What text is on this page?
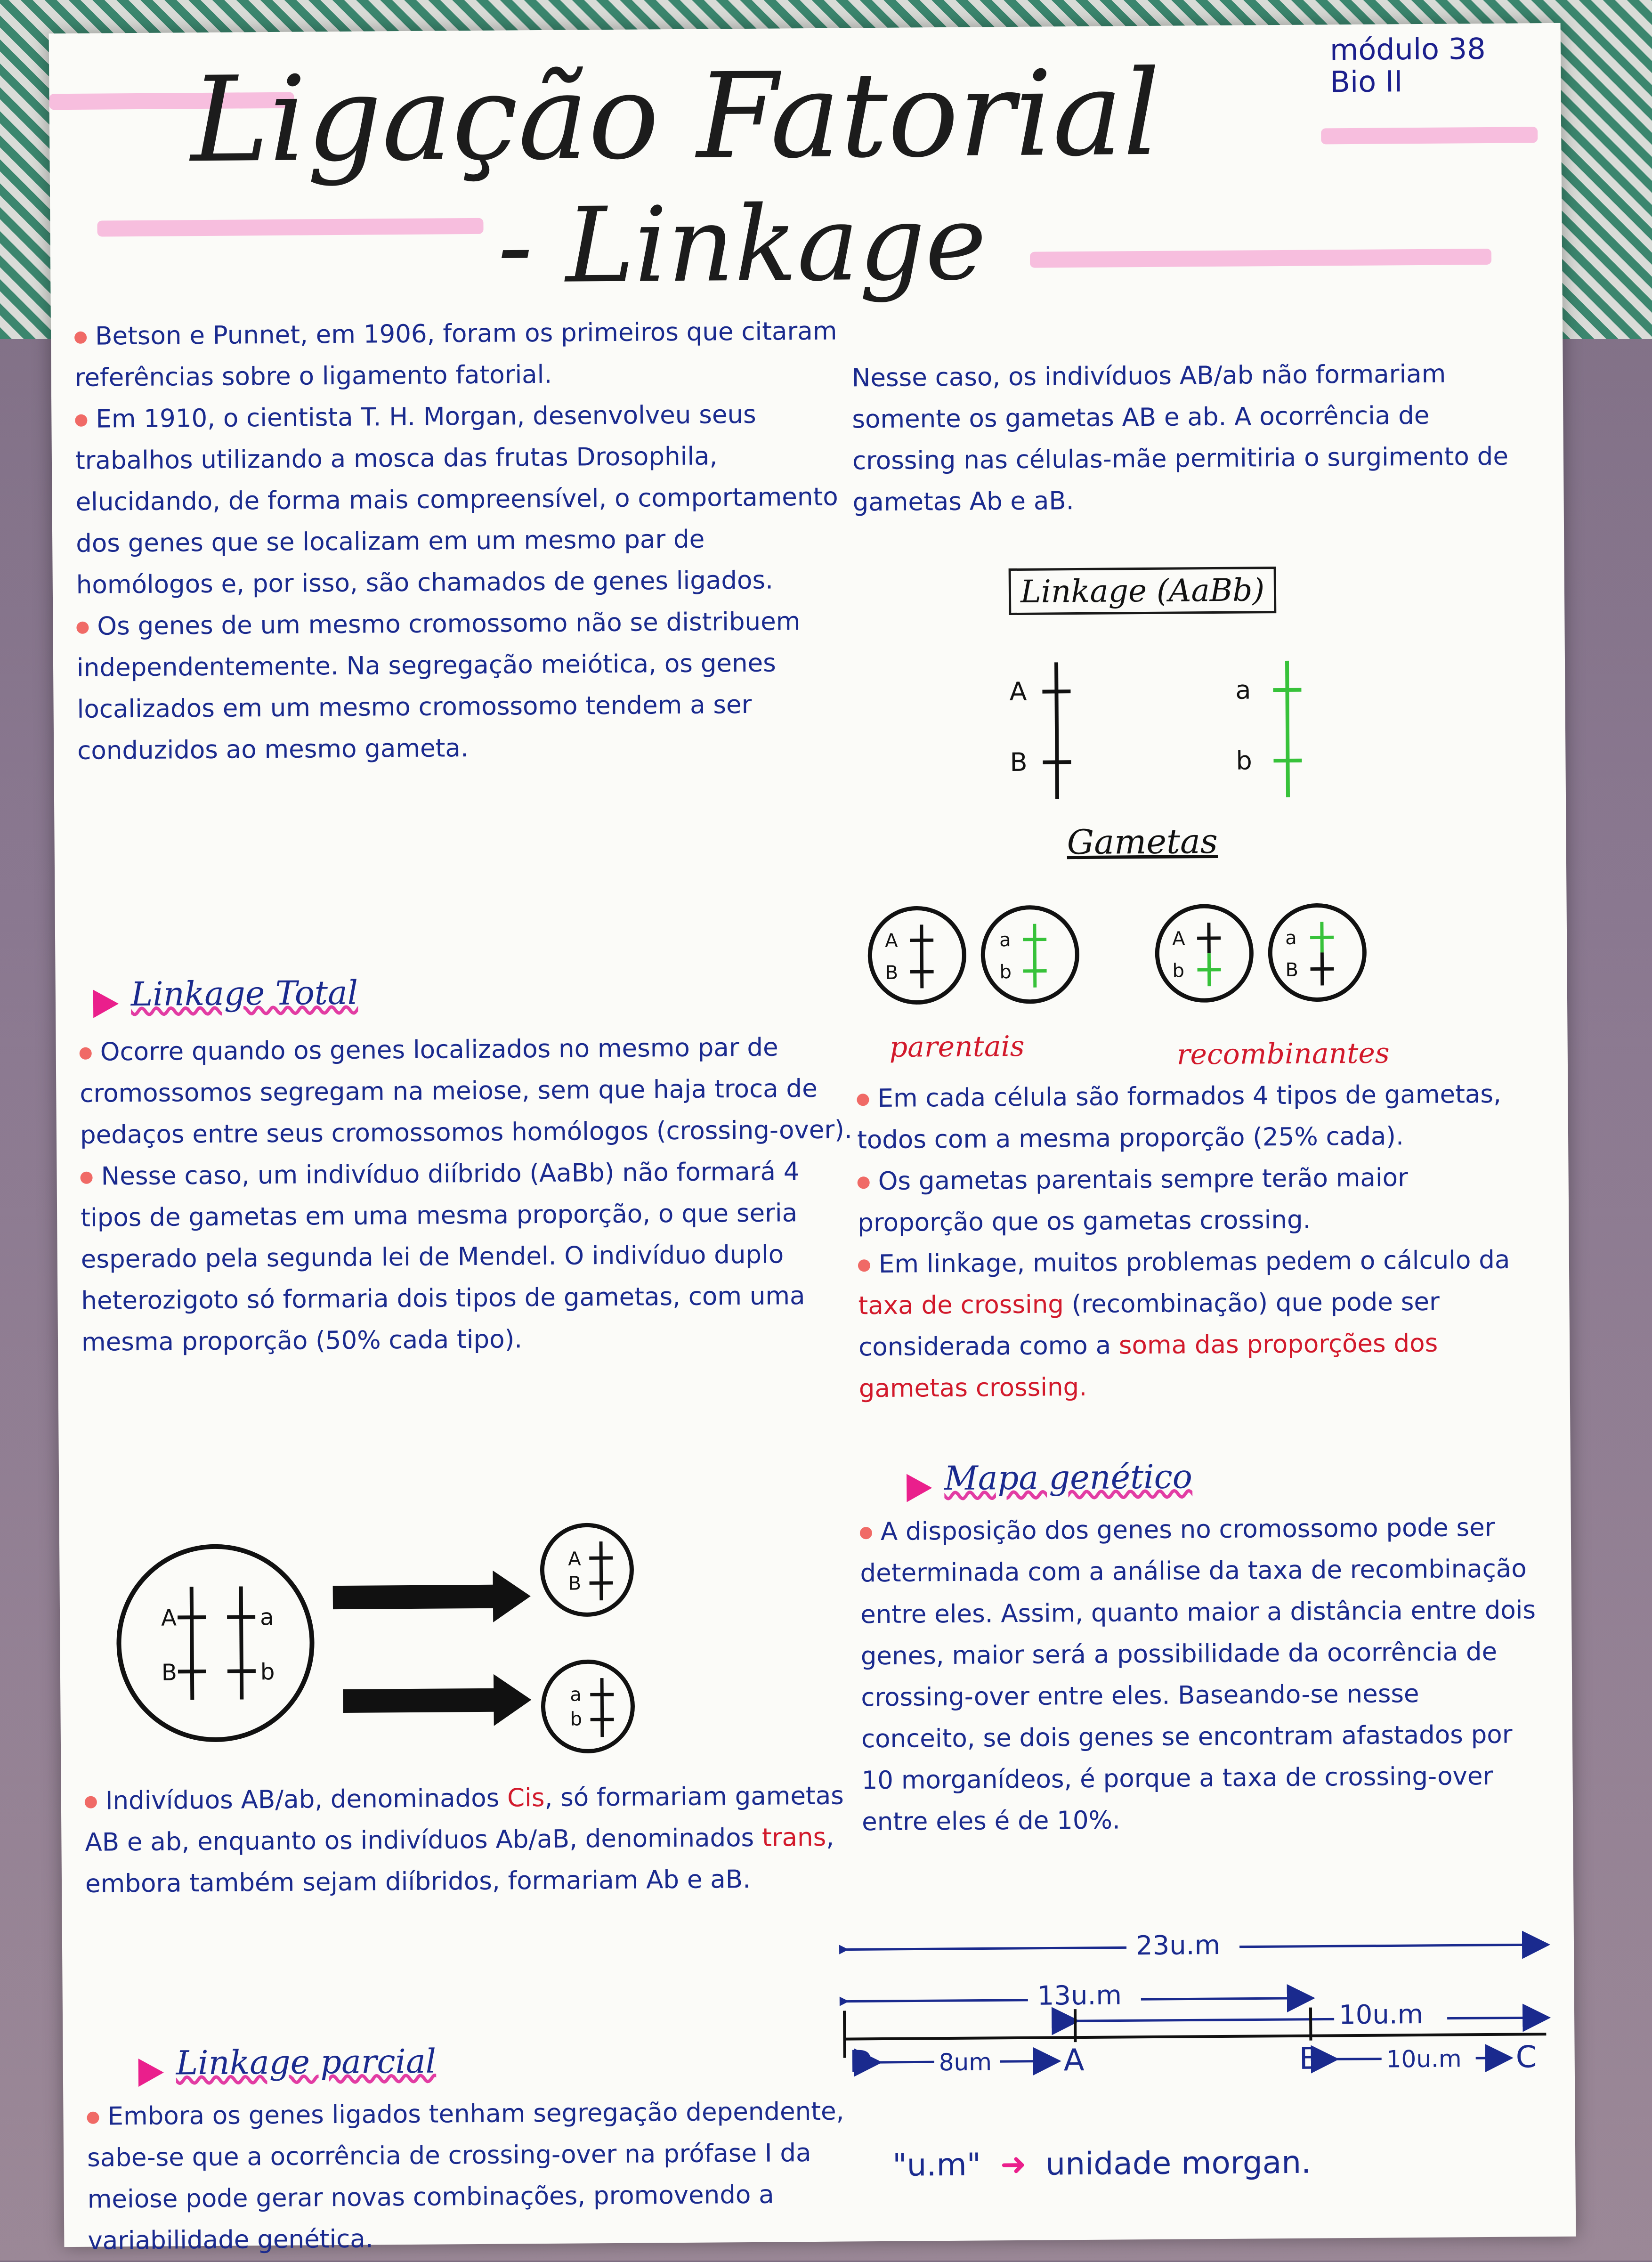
Ligação Fatorial
- Linkage
módulo 38
Bio II

Betson e Punnet, em 1906, foram os primeiros que citaram referências sobre o ligamento fatorial.

Em 1910, o cientista T. H. Morgan, desenvolveu seus trabalhos utilizando a mosca das frutas Drosophila, elucidando, de forma mais compreensível, o comportamento dos genes que se localizam em um mesmo par de homólogos e, por isso, são chamados de genes ligados.

Os genes de um mesmo cromossomo não se distribuem independentemente. Na segregação meiótica, os genes localizados em um mesmo cromossomo tendem a ser conduzidos ao mesmo gameta.

Linkage Total

Ocorre quando os genes localizados no mesmo par de cromossomos segregam na meiose, sem que haja troca de pedaços entre seus cromossomos homólogos (crossing-over).

Nesse caso, um indivíduo diíbrido (AaBb) não formará 4 tipos de gametas em uma mesma proporção, o que seria esperado pela segunda lei de Mendel. O indivíduo duplo heterozigoto só formaria dois tipos de gametas, com uma mesma proporção (50% cada tipo).

A
B
a
b
A
B
a
b

Indivíduos AB/ab, denominados Cis, só formariam gametas AB e ab, enquanto os indivíduos Ab/aB, denominados trans, embora também sejam diíbridos, formariam Ab e aB.

Linkage parcial

Embora os genes ligados tenham segregação dependente, sabe-se que a ocorrência de crossing-over na prófase I da meiose pode gerar novas combinações, promovendo a variabilidade genética.

Nesse caso, os indivíduos AB/ab não formariam somente os gametas AB e ab. A ocorrência de crossing nas células-mãe permitiria o surgimento de gametas Ab e aB.

Linkage (AaBb)
A
B
a
b
Gametas
A
B
a
b
A
b
a
B
parentais	recombinantes

Em cada célula são formados 4 tipos de gametas, todos com a mesma proporção (25% cada).

Os gametas parentais sempre terão maior proporção que os gametas crossing.

Em linkage, muitos problemas pedem o cálculo da taxa de crossing (recombinação) que pode ser considerada como a soma das proporções dos gametas crossing.

Mapa genético

A disposição dos genes no cromossomo pode ser determinada com a análise da taxa de recombinação entre eles. Assim, quanto maior a distância entre dois genes, maior será a possibilidade da ocorrência de crossing-over entre eles. Baseando-se nesse conceito, se dois genes se encontram afastados por 10 morganídeos, é porque a taxa de crossing-over entre eles é de 10%.

23u.m
13u.m
10u.m
D	8um A	B	10u.m C
"u.m" ➜ unidade morgan.
